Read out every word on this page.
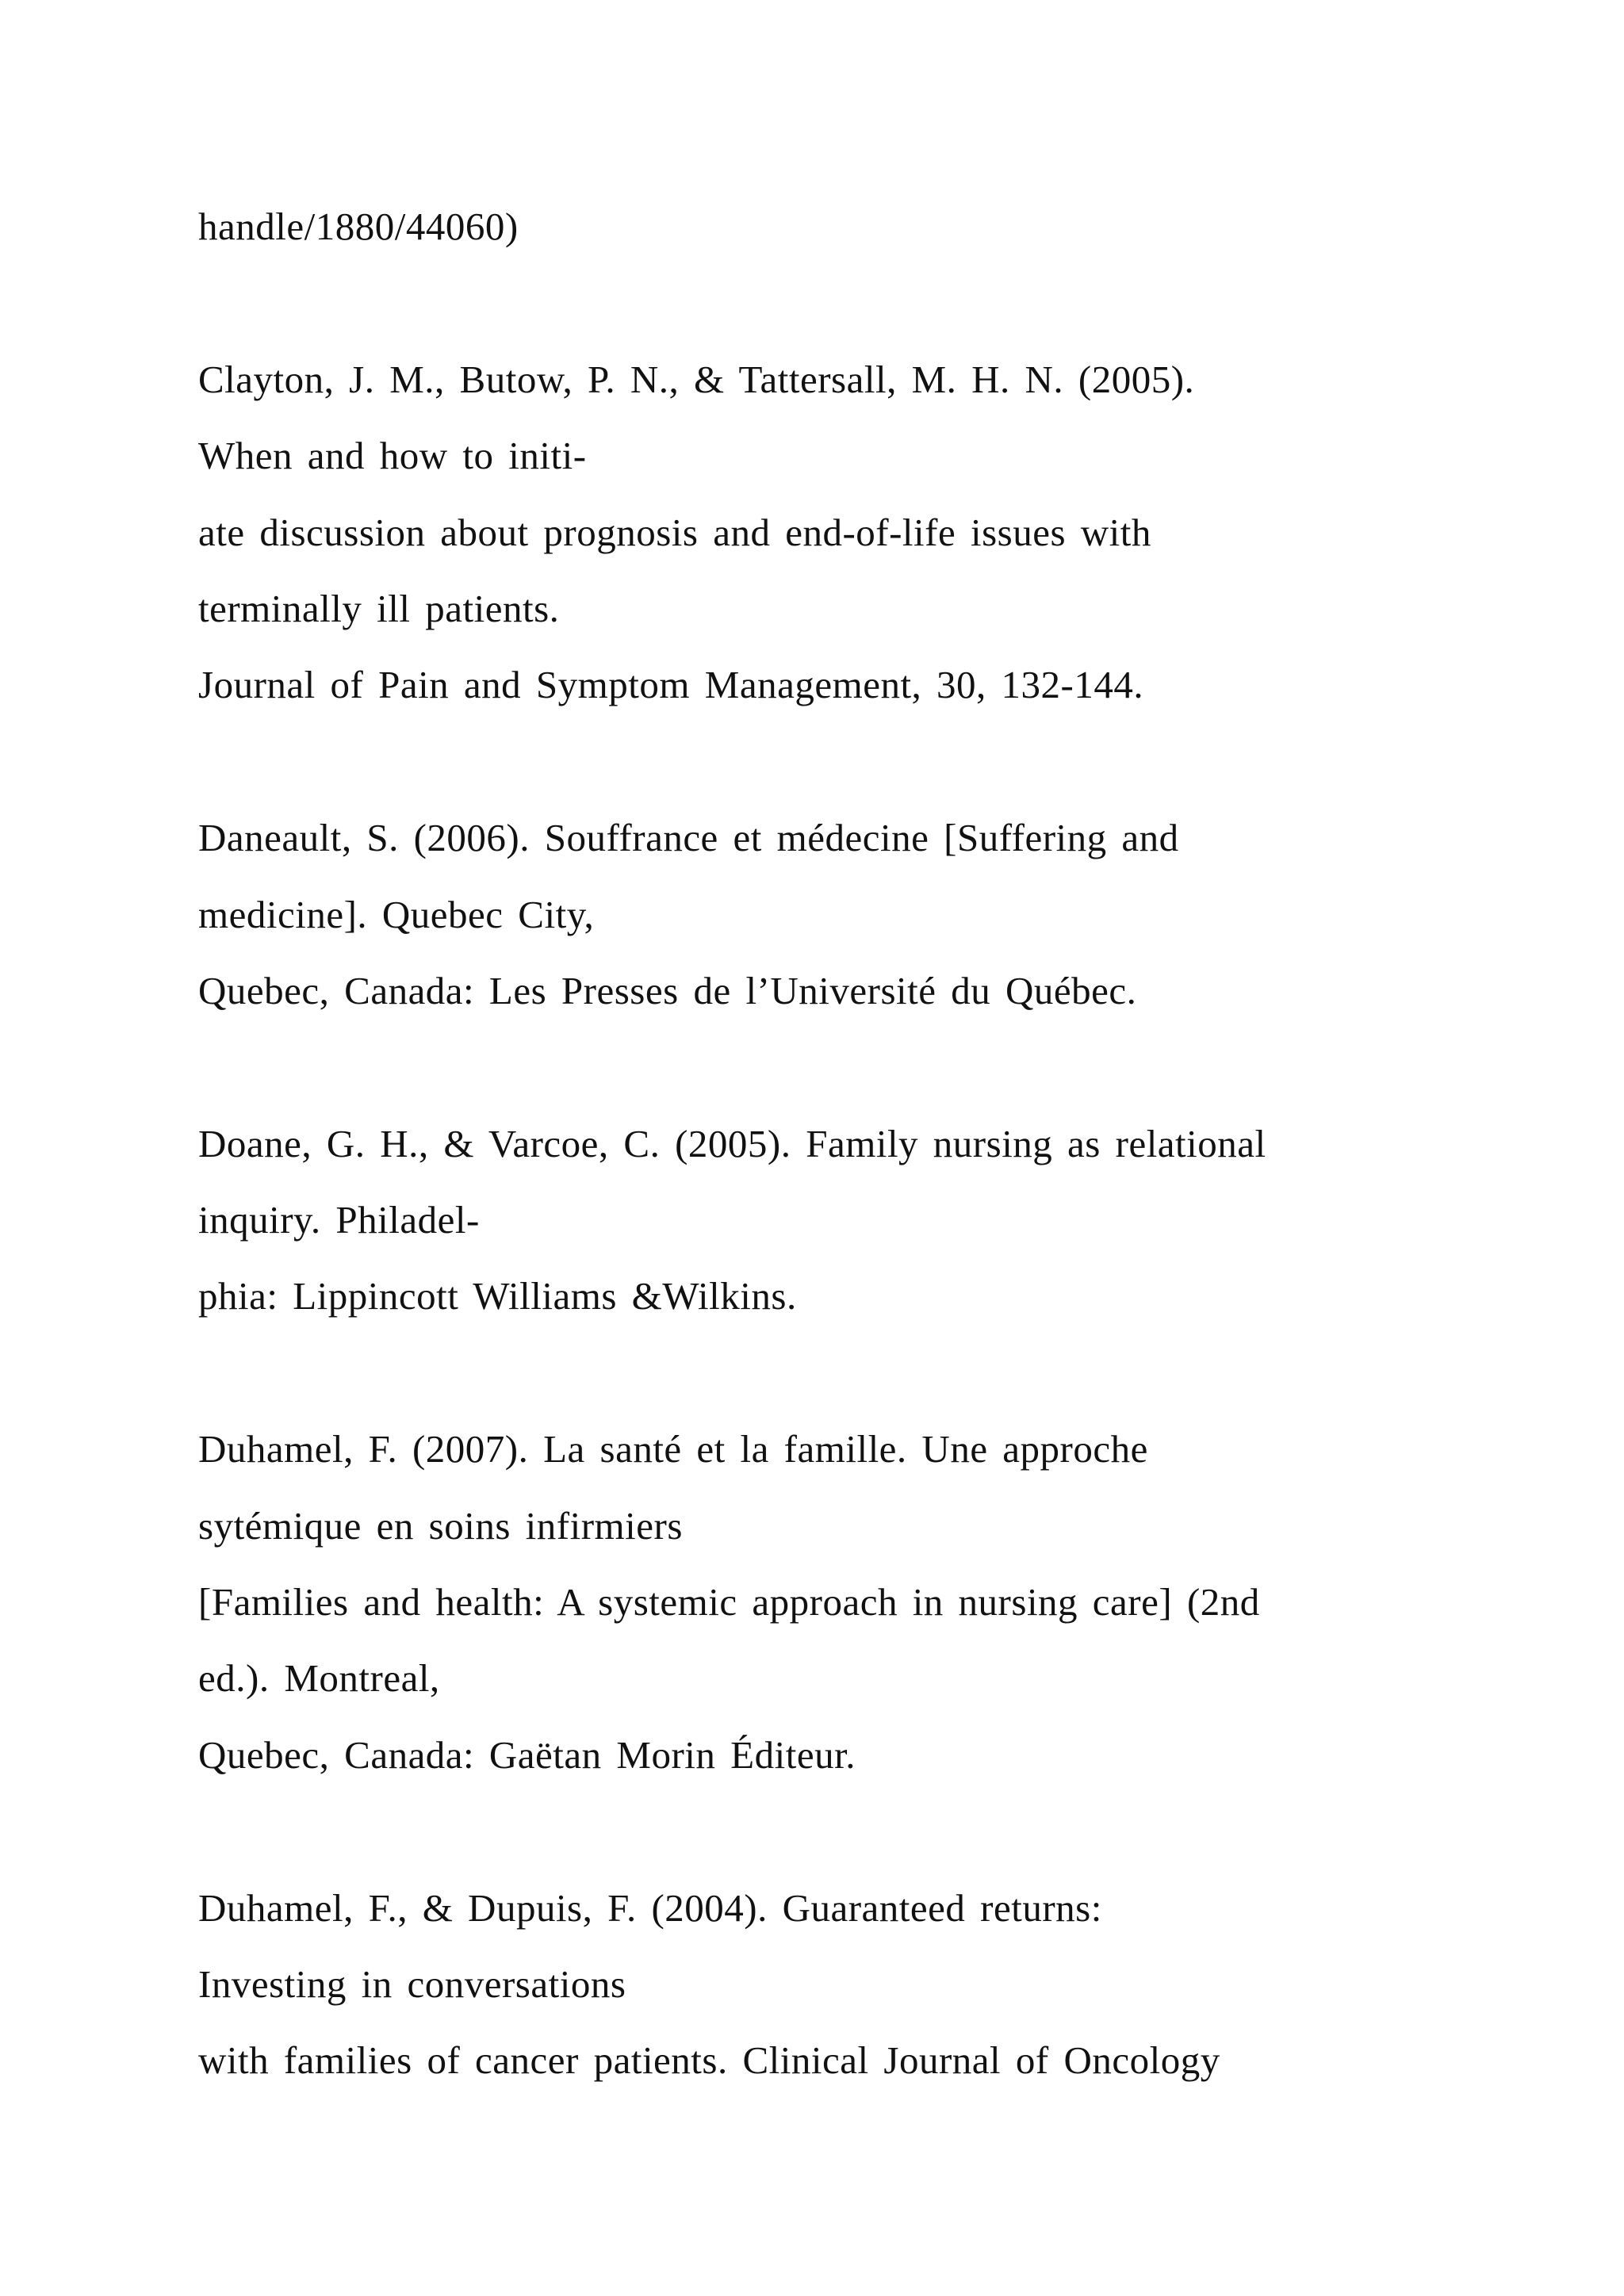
handle/1880/44060)
Clayton, J. M., Butow, P. N., & Tattersall, M. H. N. (2005).
When and how to initi-
ate discussion about prognosis and end-of-life issues with
terminally ill patients.
Journal of Pain and Symptom Management, 30, 132-144.
Daneault, S. (2006). Souffrance et médecine [Suffering and
medicine]. Quebec City,
Quebec, Canada: Les Presses de l’Université du Québec.
Doane, G. H., & Varcoe, C. (2005). Family nursing as relational
inquiry. Philadel-
phia: Lippincott Williams &Wilkins.
Duhamel, F. (2007). La santé et la famille. Une approche
sytémique en soins infirmiers
[Families and health: A systemic approach in nursing care] (2nd
ed.). Montreal,
Quebec, Canada: Gaëtan Morin Éditeur.
Duhamel, F., & Dupuis, F. (2004). Guaranteed returns:
Investing in conversations
with families of cancer patients. Clinical Journal of Oncology
